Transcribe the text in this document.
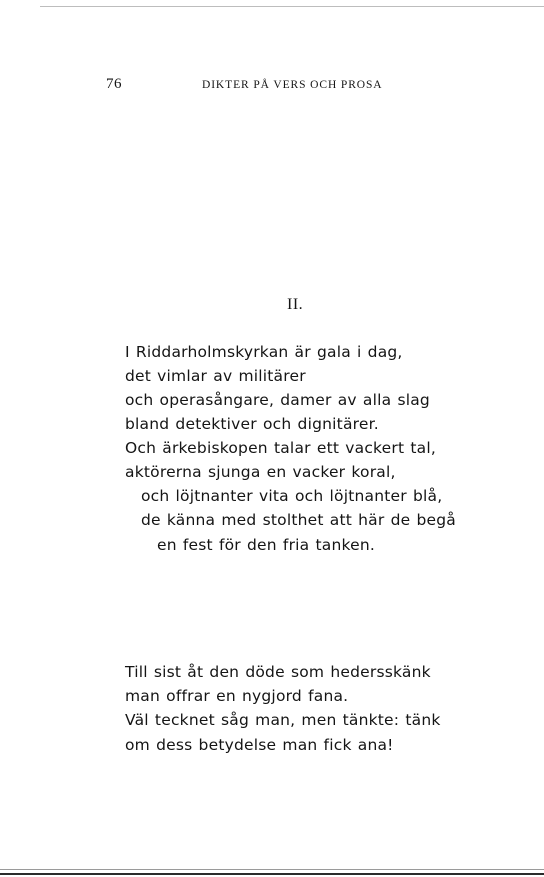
76	DIKTER PÅ VERS OCH PROSA
II.
I Riddarholmskyrkan är gala i dag,
det vimlar av militärer
och operasångare, damer av alla slag
bland detektiver och dignitärer.
Och ärkebiskopen talar ett vackert tal,
aktörerna sjunga en vacker koral,
och löjtnanter vita och löjtnanter blå,
de känna med stolthet att här de begå
en fest för den fria tanken.
Till sist åt den döde som hedersskänk
man offrar en nygjord fana.
Väl tecknet såg man, men tänkte: tänk
om dess betydelse man fick ana!
